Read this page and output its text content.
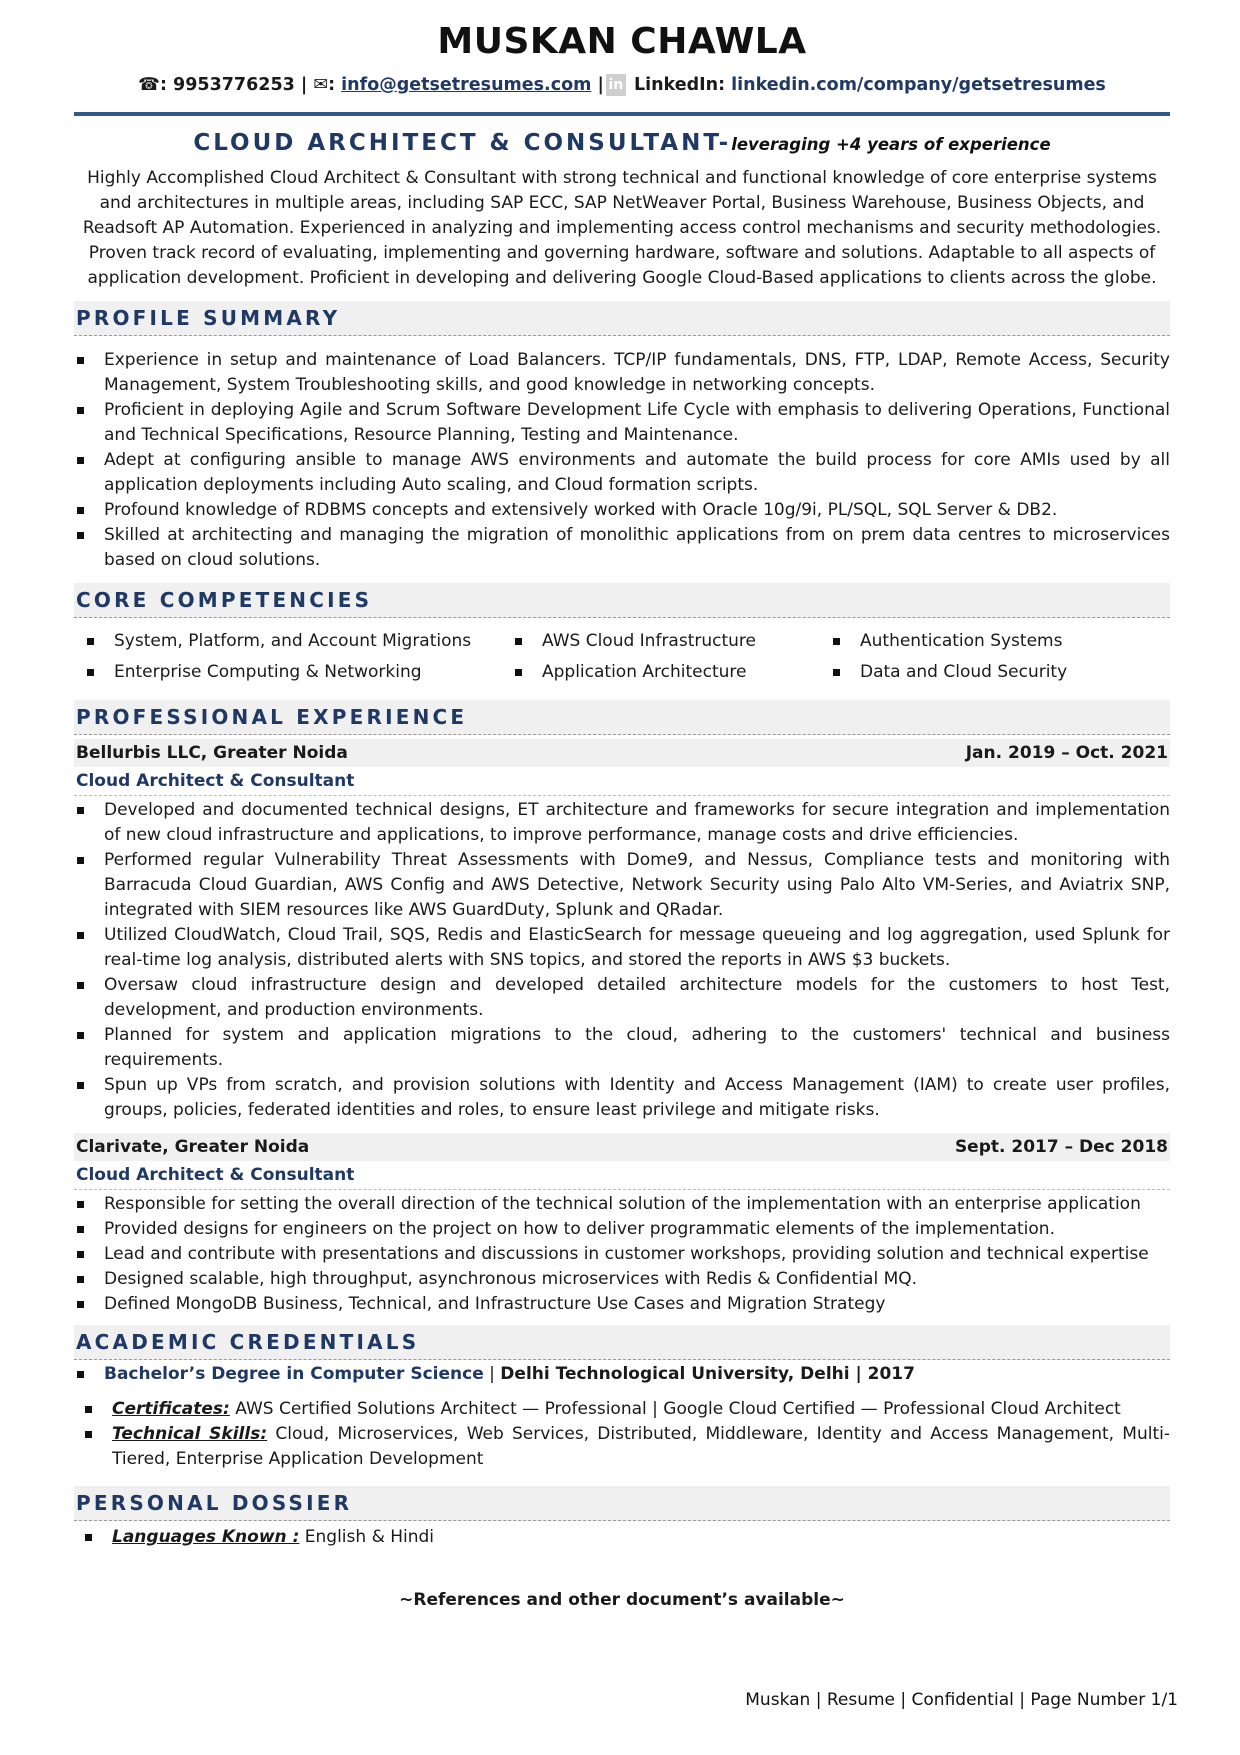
MUSKAN CHAWLA
☎: 9953776253 | ✉: info@getsetresumes.com | in LinkedIn: linkedin.com/company/getsetresumes
CLOUD ARCHITECT & CONSULTANT-leveraging +4 years of experience
Highly Accomplished Cloud Architect & Consultant with strong technical and functional knowledge of core enterprise systems and architectures in multiple areas, including SAP ECC, SAP NetWeaver Portal, Business Warehouse, Business Objects, and Readsoft AP Automation. Experienced in analyzing and implementing access control mechanisms and security methodologies. Proven track record of evaluating, implementing and governing hardware, software and solutions. Adaptable to all aspects of application development. Proficient in developing and delivering Google Cloud-Based applications to clients across the globe.
PROFILE SUMMARY
Experience in setup and maintenance of Load Balancers. TCP/IP fundamentals, DNS, FTP, LDAP, Remote Access, Security Management, System Troubleshooting skills, and good knowledge in networking concepts.
Proficient in deploying Agile and Scrum Software Development Life Cycle with emphasis to delivering Operations, Functional and Technical Specifications, Resource Planning, Testing and Maintenance.
Adept at configuring ansible to manage AWS environments and automate the build process for core AMIs used by all application deployments including Auto scaling, and Cloud formation scripts.
Profound knowledge of RDBMS concepts and extensively worked with Oracle 10g/9i, PL/SQL, SQL Server & DB2.
Skilled at architecting and managing the migration of monolithic applications from on prem data centres to microservices based on cloud solutions.
CORE COMPETENCIES
System, Platform, and Account Migrations	AWS Cloud Infrastructure	Authentication Systems
Enterprise Computing & Networking	Application Architecture	Data and Cloud Security
PROFESSIONAL EXPERIENCE
Bellurbis LLC, Greater Noida	Jan. 2019 – Oct. 2021
Cloud Architect & Consultant
Developed and documented technical designs, ET architecture and frameworks for secure integration and implementation of new cloud infrastructure and applications, to improve performance, manage costs and drive efficiencies.
Performed regular Vulnerability Threat Assessments with Dome9, and Nessus, Compliance tests and monitoring with Barracuda Cloud Guardian, AWS Config and AWS Detective, Network Security using Palo Alto VM-Series, and Aviatrix SNP, integrated with SIEM resources like AWS GuardDuty, Splunk and QRadar.
Utilized CloudWatch, Cloud Trail, SQS, Redis and ElasticSearch for message queueing and log aggregation, used Splunk for real-time log analysis, distributed alerts with SNS topics, and stored the reports in AWS $3 buckets.
Oversaw cloud infrastructure design and developed detailed architecture models for the customers to host Test, development, and production environments.
Planned for system and application migrations to the cloud, adhering to the customers' technical and business requirements.
Spun up VPs from scratch, and provision solutions with Identity and Access Management (IAM) to create user profiles, groups, policies, federated identities and roles, to ensure least privilege and mitigate risks.
Clarivate, Greater Noida	Sept. 2017 – Dec 2018
Cloud Architect & Consultant
Responsible for setting the overall direction of the technical solution of the implementation with an enterprise application
Provided designs for engineers on the project on how to deliver programmatic elements of the implementation.
Lead and contribute with presentations and discussions in customer workshops, providing solution and technical expertise
Designed scalable, high throughput, asynchronous microservices with Redis & Confidential MQ.
Defined MongoDB Business, Technical, and Infrastructure Use Cases and Migration Strategy
ACADEMIC CREDENTIALS
Bachelor’s Degree in Computer Science | Delhi Technological University, Delhi | 2017
Certificates: AWS Certified Solutions Architect — Professional | Google Cloud Certified — Professional Cloud Architect
Technical Skills: Cloud, Microservices, Web Services, Distributed, Middleware, Identity and Access Management, Multi-Tiered, Enterprise Application Development
PERSONAL DOSSIER
Languages Known : English & Hindi
~References and other document’s available~
Muskan | Resume | Confidential | Page Number 1/1
